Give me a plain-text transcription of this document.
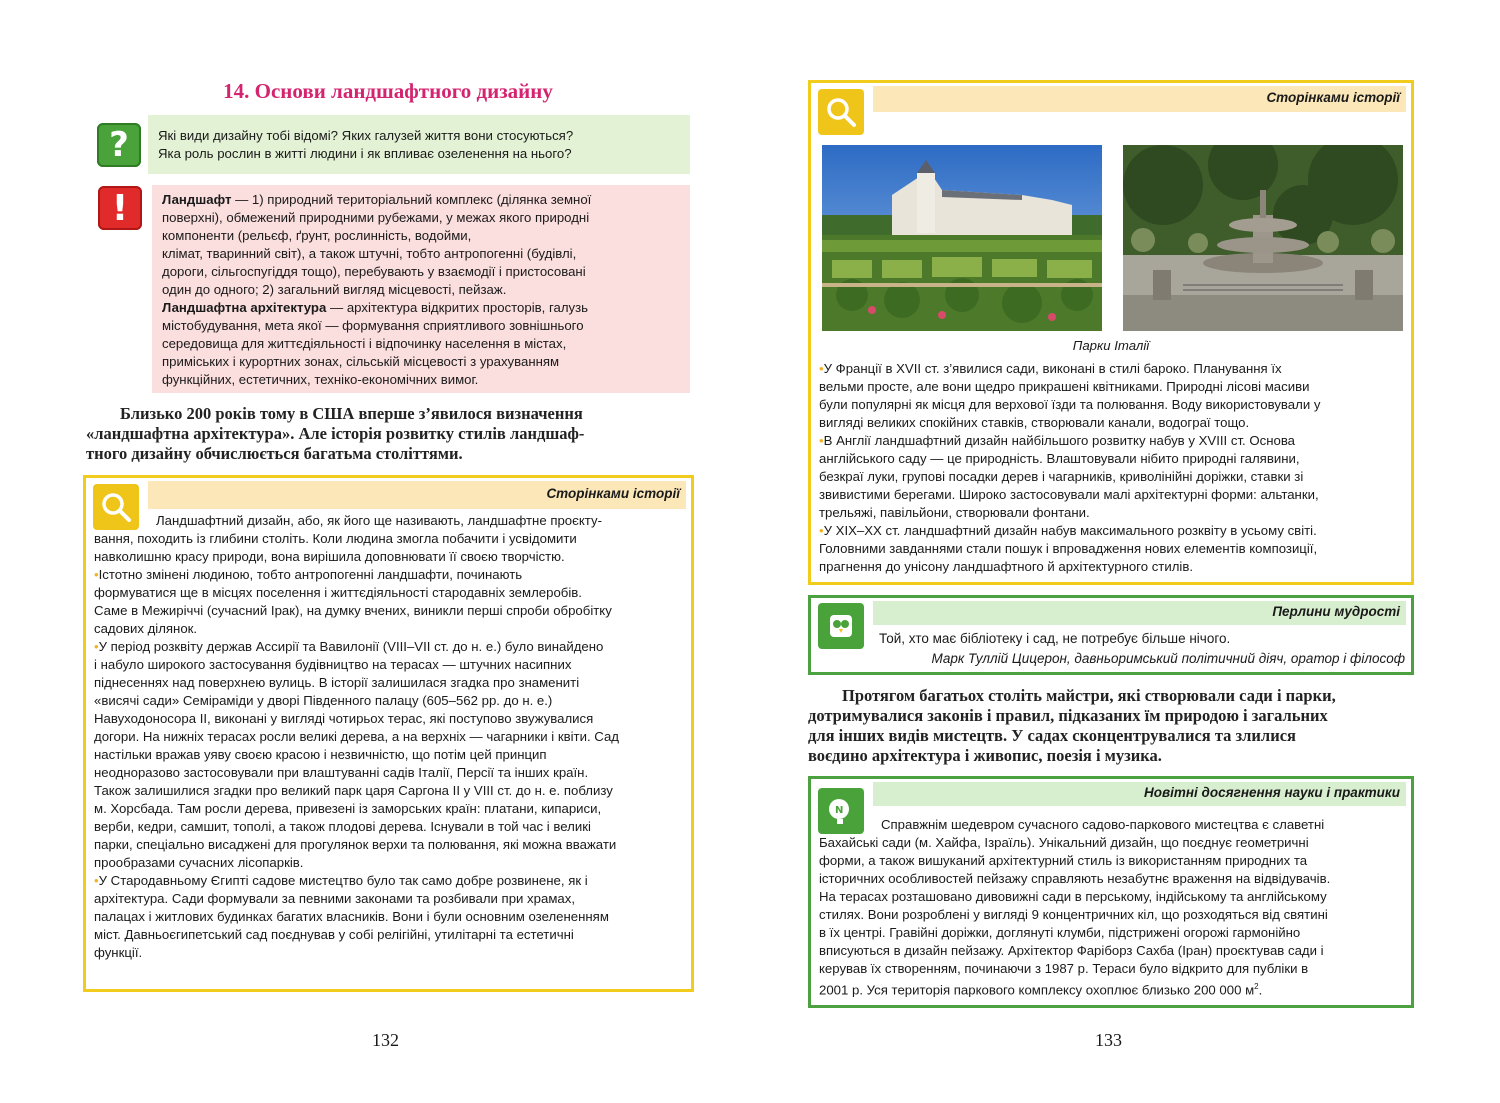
14. Основи ландшафтного дизайну
?	Які види дизайну тобі відомі? Яких галузей життя вони стосуються?
Яка роль рослин в житті людини і як впливає озеленення на нього?
!	Ландшафт — 1) природний територіальний комплекс (ділянка земної

поверхні), обмежений природними рубежами, у межах якого природні

компоненти (рельєф, ґрунт, рослинність, водойми,

клімат, тваринний світ), а також штучні, тобто антропогенні (будівлі,

дороги, сільгоспугіддя тощо), перебувають у взаємодії і пристосовані

один до одного; 2) загальний вигляд місцевості, пейзаж.

Ландшафтна архітектура — архітектура відкритих просторів, галузь

містобудування, мета якої — формування сприятливого зовнішнього

середовища для життєдіяльності і відпочинку населення в містах,

приміських і курортних зонах, сільській місцевості з урахуванням

функційних, естетичних, техніко-економічних вимог.

Близько 200 років тому в США вперше з’явилося визначення
«ландшафтна архітектура». Але історія розвитку стилів ландшаф-
тного дизайну обчислюється багатьма століттями.
Сторінками історії

Ландшафтний дизайн, або, як його ще називають, ландшафтне проєкту-

вання, походить із глибини століть. Коли людина змогла побачити і усвідомити

навколишню красу природи, вона вирішила доповнювати її своєю творчістю.

•Істотно змінені людиною, тобто антропогенні ландшафти, починають

формуватися ще в місцях поселення і життєдіяльності стародавніх землеробів.

Саме в Межиріччі (сучасний Ірак), на думку вчених, виникли перші спроби обробітку

садових ділянок.

•У період розквіту держав Ассирії та Вавилонії (VIII–VII ст. до н. е.) було винайдено

і набуло широкого застосування будівництво на терасах — штучних насипних

піднесеннях над поверхнею вулиць. В історії залишилася згадка про знамениті

«висячі сади» Семіраміди у дворі Південного палацу (605–562 рр. до н. е.)

Навуходоносора II, виконані у вигляді чотирьох терас, які поступово звужувалися

догори. На нижніх терасах росли великі дерева, а на верхніх — чагарники і квіти. Сад

настільки вражав уяву своєю красою і незвичністю, що потім цей принцип

неодноразово застосовували при влаштуванні садів Італії, Персії та інших країн.

Також залишилися згадки про великий парк царя Саргона II у VIII ст. до н. е. поблизу

м. Хорсбада. Там росли дерева, привезені із заморських країн: платани, кипариси,

верби, кедри, самшит, тополі, а також плодові дерева. Існували в той час і великі

парки, спеціально висаджені для прогулянок верхи та полювання, які можна вважати

прообразами сучасних лісопарків.

•У Стародавньому Єгипті садове мистецтво було так само добре розвинене, як і

архітектура. Сади формували за певними законами та розбивали при храмах,

палацах і житлових будинках багатих власників. Вони і були основним озелененням

міст. Давньоєгипетський сад поєднував у собі релігійні, утилітарні та естетичні

функції.

132
Сторінками історії
Парки Італії

•У Франції в XVII ст. з’явилися сади, виконані в стилі бароко. Планування їх

вельми просте, але вони щедро прикрашені квітниками. Природні лісові масиви

були популярні як місця для верхової їзди та полювання. Воду використовували у

вигляді великих спокійних ставків, створювали канали, водограї тощо.

•В Англії ландшафтний дизайн найбільшого розвитку набув у XVIII ст. Основа

англійського саду — це природність. Влаштовували нібито природні галявини,

безкраї луки, групові посадки дерев і чагарників, криволінійні доріжки, ставки зі

звивистими берегами. Широко застосовували малі архітектурні форми: альтанки,

трельяжі, павільйони, створювали фонтани.

•У XIX–XX ст. ландшафтний дизайн набув максимального розквіту в усьому світі.

Головними завданнями стали пошук і впровадження нових елементів композиції,

прагнення до унісону ландшафтного й архітектурного стилів.

Перлини мудрості
Той, хто має бібліотеку і сад, не потребує більше нічого.
Марк Туллій Цицерон, давньоримський політичний діяч, оратор і філософ
Протягом багатьох століть майстри, які створювали сади і парки,
дотримувалися законів і правил, підказаних їм природою і загальних
для інших видів мистецтв. У садах сконцентрувалися та злилися
воєдино архітектура і живопис, поезія і музика.
Новітні досягнення науки і практики
N

Справжнім шедевром сучасного садово-паркового мистецтва є славетні

Бахайські сади (м. Хайфа, Ізраїль). Унікальний дизайн, що поєднує геометричні

форми, а також вишуканий архітектурний стиль із використанням природних та

історичних особливостей пейзажу справляють незабутнє враження на відвідувачів.

На терасах розташовано дивовижні сади в перському, індійському та англійському

стилях. Вони розроблені у вигляді 9 концентричних кіл, що розходяться від святині

в їх центрі. Гравійні доріжки, доглянуті клумби, підстрижені огорожі гармонійно

вписуються в дизайн пейзажу. Архітектор Фаріборз Сахба (Іран) проєктував сади і

керував їх створенням, починаючи з 1987 р. Тераси було відкрито для публіки в

2001 р. Уся територія паркового комплексу охоплює близько 200 000 $м^2$.

133
